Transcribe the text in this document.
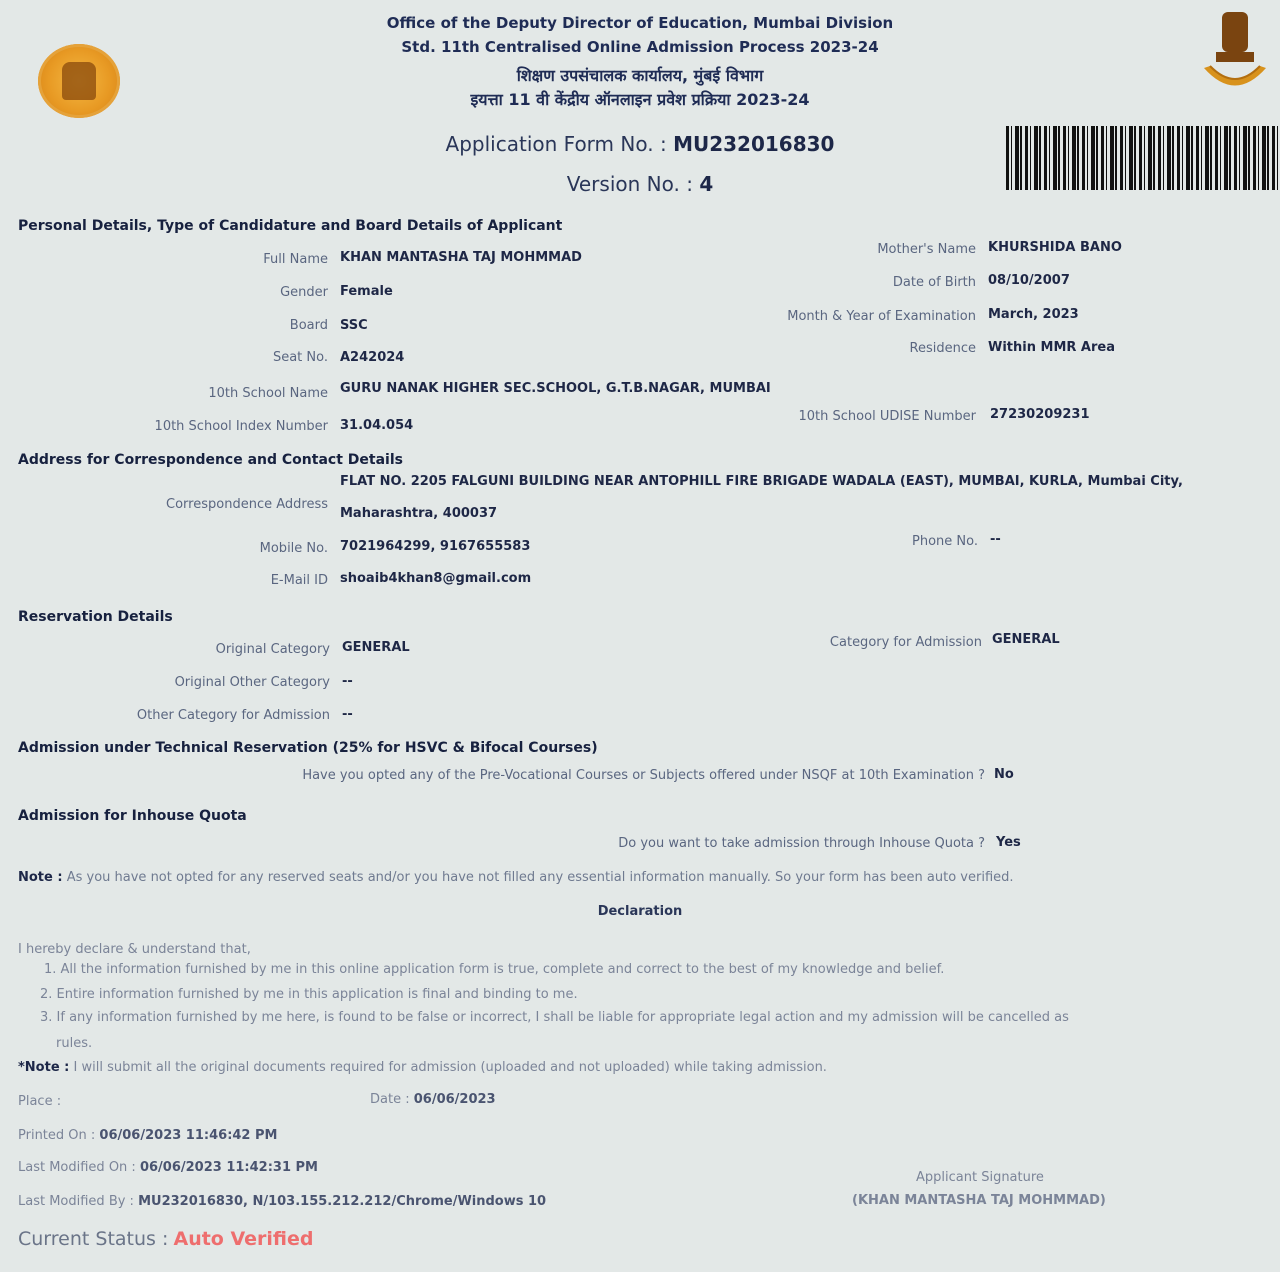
Office of the Deputy Director of Education, Mumbai Division
Std. 11th Centralised Online Admission Process 2023-24
शिक्षण उपसंचालक कार्यालय, मुंबई विभाग
इयत्ता 11 वी केंद्रीय ऑनलाइन प्रवेश प्रक्रिया 2023-24
Application Form No. : MU232016830
Version No. : 4
Personal Details, Type of Candidature and Board Details of Applicant
Full Name KHAN MANTASHA TAJ MOHMMAD
Mother's Name KHURSHIDA BANO
Gender Female
Date of Birth 08/10/2007
Board SSC
Month & Year of Examination March, 2023
Seat No. A242024
Residence Within MMR Area
10th School Name GURU NANAK HIGHER SEC.SCHOOL, G.T.B.NAGAR, MUMBAI
10th School Index Number 31.04.054
10th School UDISE Number 27230209231
Address for Correspondence and Contact Details
Correspondence Address
FLAT NO. 2205 FALGUNI BUILDING NEAR ANTOPHILL FIRE BRIGADE WADALA (EAST), MUMBAI, KURLA, Mumbai City,
Maharashtra, 400037
Mobile No. 7021964299, 9167655583	Phone No. --
E-Mail ID shoaib4khan8@gmail.com
Reservation Details
Original Category GENERAL	Category for Admission GENERAL
Original Other Category --
Other Category for Admission --
Admission under Technical Reservation (25% for HSVC & Bifocal Courses)
Have you opted any of the Pre-Vocational Courses or Subjects offered under NSQF at 10th Examination ? No
Admission for Inhouse Quota
Do you want to take admission through Inhouse Quota ? Yes
Note : As you have not opted for any reserved seats and/or you have not filled any essential information manually. So your form has been auto verified.
Declaration
I hereby declare & understand that,
1. All the information furnished by me in this online application form is true, complete and correct to the best of my knowledge and belief.
2. Entire information furnished by me in this application is final and binding to me.
3. If any information furnished by me here, is found to be false or incorrect, I shall be liable for appropriate legal action and my admission will be cancelled as
rules.
*Note : I will submit all the original documents required for admission (uploaded and not uploaded) while taking admission.
Place :	Date : 06/06/2023
Printed On : 06/06/2023 11:46:42 PM
Last Modified On : 06/06/2023 11:42:31 PM
Last Modified By : MU232016830, N/103.155.212.212/Chrome/Windows 10
Applicant Signature
(KHAN MANTASHA TAJ MOHMMAD)
Current Status : Auto Verified
